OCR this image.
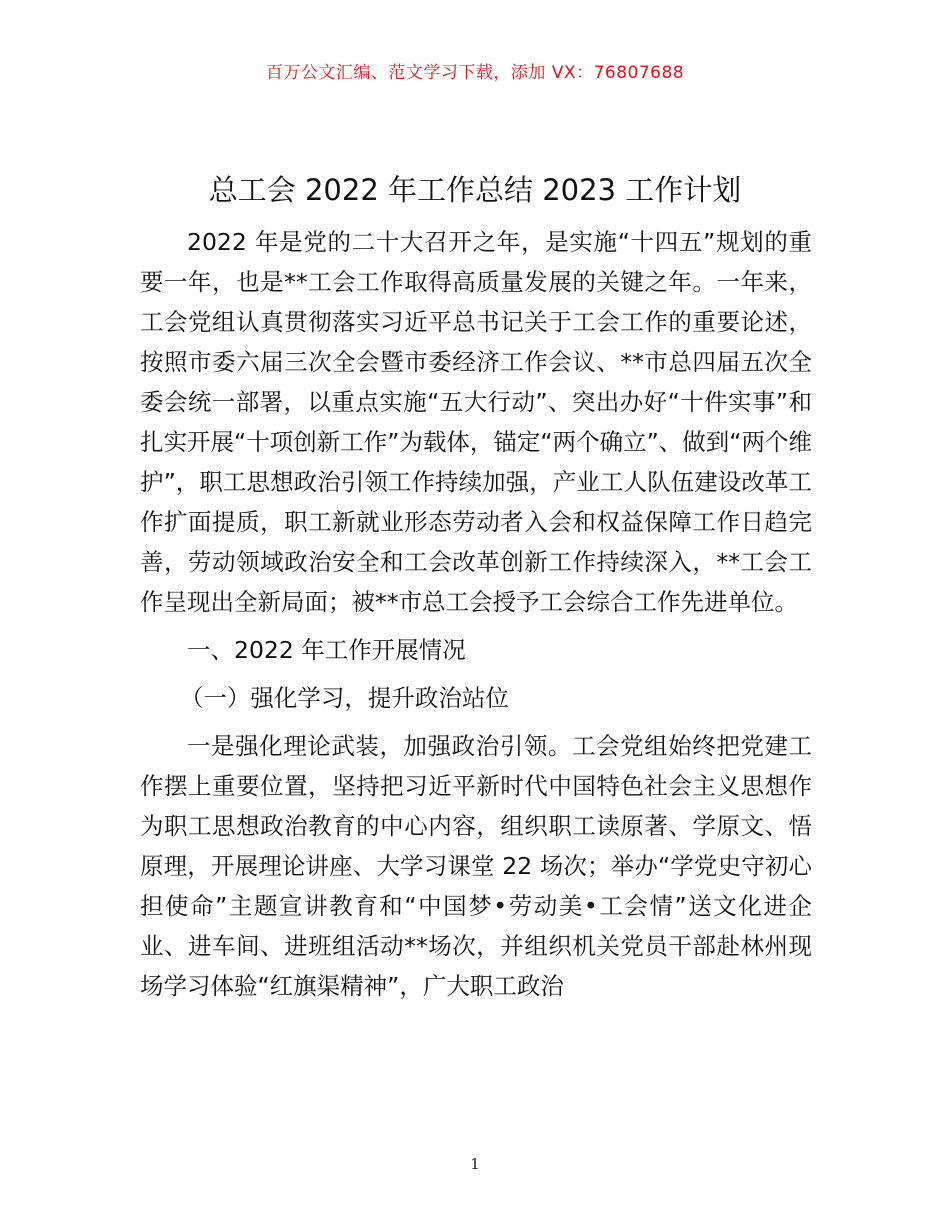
百万公文汇编、范文学习下载，添加 VX：76807688
总工会 2022 年工作总结 2023 工作计划

2022 年是党的二十大召开之年，是实施“十四五”规划的重要一年，也是**工会工作取得高质量发展的关键之年。一年来，工会党组认真贯彻落实习近平总书记关于工会工作的重要论述，按照市委六届三次全会暨市委经济工作会议、**市总四届五次全委会统一部署，以重点实施“五大行动”、突出办好“十件实事”和扎实开展“十项创新工作”为载体，锚定“两个确立”、做到“两个维护”，职工思想政治引领工作持续加强，产业工人队伍建设改革工作扩面提质，职工新就业形态劳动者入会和权益保障工作日趋完善，劳动领域政治安全和工会改革创新工作持续深入，**工会工作呈现出全新局面；被**市总工会授予工会综合工作先进单位。

一、2022 年工作开展情况

（一）强化学习，提升政治站位

一是强化理论武装，加强政治引领。工会党组始终把党建工作摆上重要位置，坚持把习近平新时代中国特色社会主义思想作为职工思想政治教育的中心内容，组织职工读原著、学原文、悟原理，开展理论讲座、大学习课堂 22 场次；举办“学党史守初心担使命”主题宣讲教育和“中国梦•劳动美•工会情”送文化进企业、进车间、进班组活动**场次，并组织机关党员干部赴林州现场学习体验“红旗渠精神”，广大职工政治

1
